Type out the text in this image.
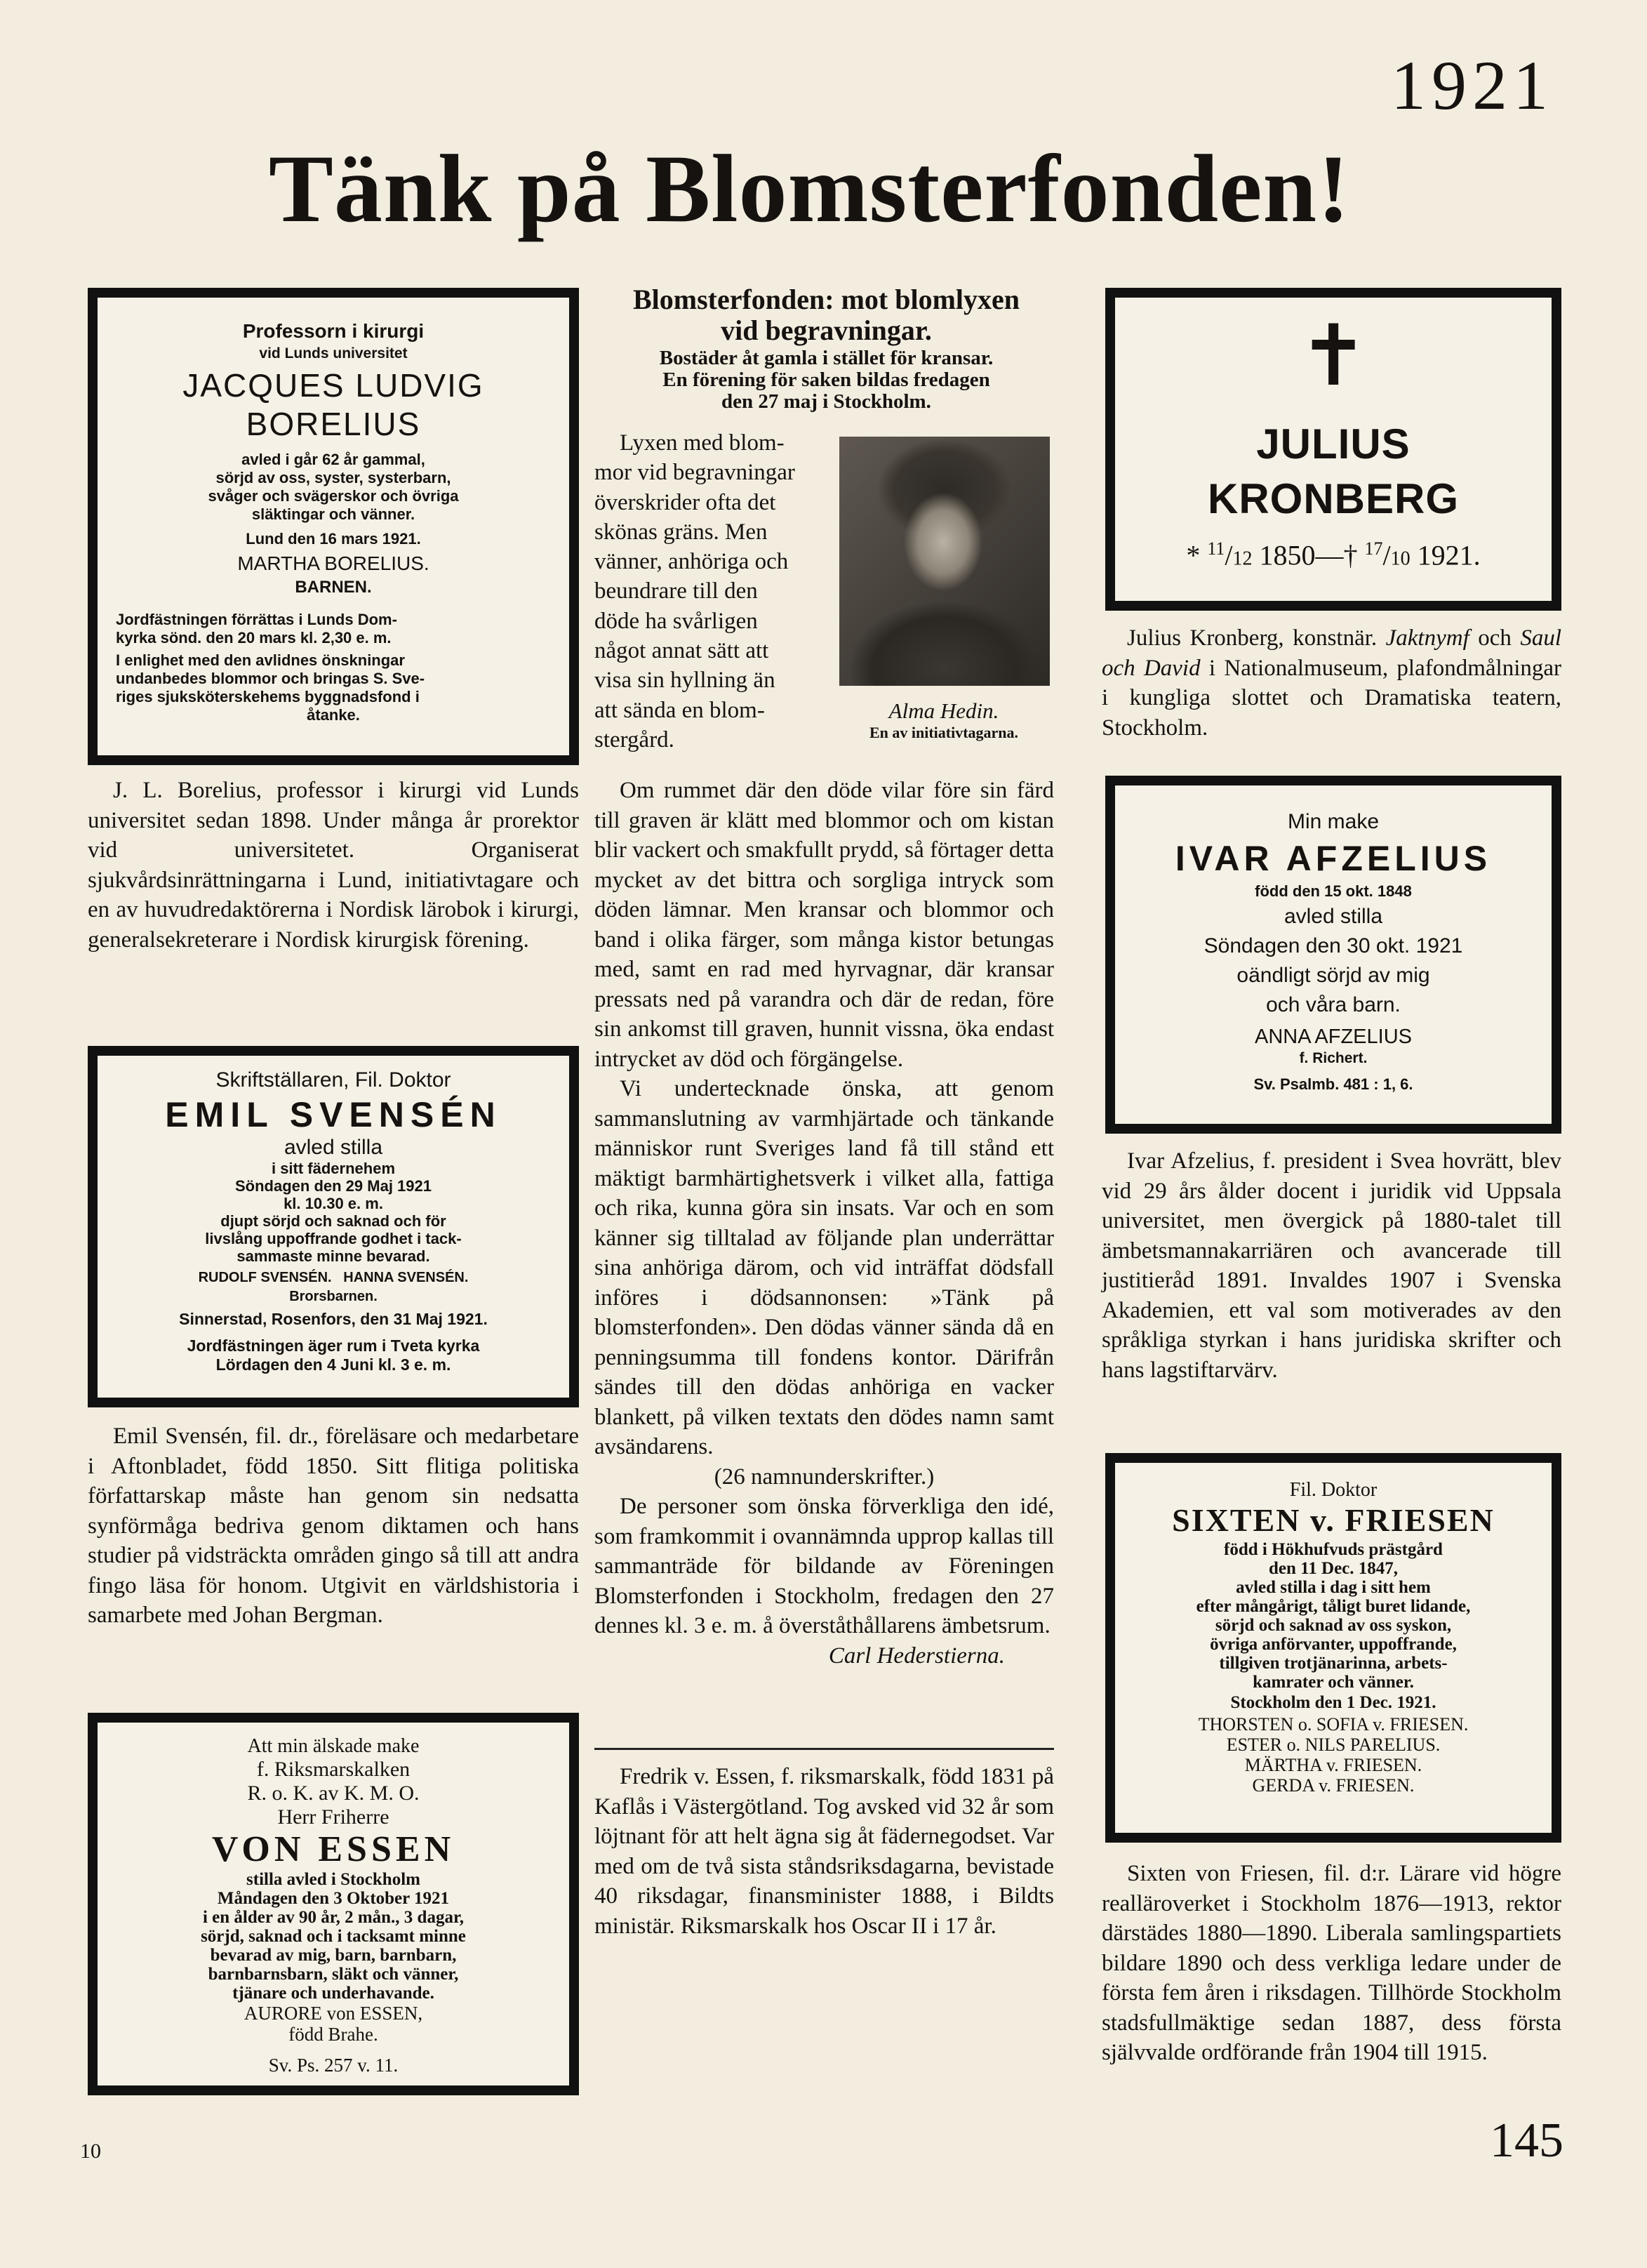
1921
Tänk på Blomsterfonden!

Professorn i kirurgi

vid Lunds universitet

JACQUES LUDVIG

BORELIUS

avled i går 62 år gammal,

sörjd av oss, syster, systerbarn,

svåger och svägerskor och övriga

släktingar och vänner.

Lund den 16 mars 1921.

MARTHA BORELIUS.

BARNEN.

Jordfästningen förrättas i Lunds Dom-

kyrka sönd. den 20 mars kl. 2,30 e. m.

I enlighet med den avlidnes önskningar

undanbedes blommor och bringas S. Sve-

riges sjuksköterskehems byggnadsfond i

åtanke.

J. L. Borelius, professor i kirurgi vid Lunds universitet sedan 1898. Under många år prorektor vid universitetet. Organiserat sjukvårdsinrättningarna i Lund, initiativtagare och en av huvudredaktörerna i Nordisk lärobok i kirurgi, generalsekreterare i Nordisk kirurgisk förening.

Skriftställaren, Fil. Doktor

EMIL SVENSÉN

avled stilla

i sitt fädernehem

Söndagen den 29 Maj 1921

kl. 10.30 e. m.

djupt sörjd och saknad och för

livslång uppoffrande godhet i tack-

sammaste minne bevarad.

RUDOLF SVENSÉN.   HANNA SVENSÉN.

Brorsbarnen.

Sinnerstad, Rosenfors, den 31 Maj 1921.

Jordfästningen äger rum i Tveta kyrka

Lördagen den 4 Juni kl. 3 e. m.

Emil Svensén, fil. dr., föreläsare och medarbetare i Aftonbladet, född 1850. Sitt flitiga politiska författarskap måste han genom sin nedsatta synförmåga bedriva genom diktamen och hans studier på vidsträckta områden gingo så till att andra fingo läsa för honom. Utgivit en världshistoria i samarbete med Johan Bergman.

Att min älskade make

f. Riksmarskalken

R. o. K. av K. M. O.

Herr Friherre

VON ESSEN

stilla avled i Stockholm

Måndagen den 3 Oktober 1921

i en ålder av 90 år, 2 mån., 3 dagar,

sörjd, saknad och i tacksamt minne

bevarad av mig, barn, barnbarn,

barnbarnsbarn, släkt och vänner,

tjänare och underhavande.

AURORE von ESSEN,

född Brahe.

Sv. Ps. 257 v. 11.

10
Blomsterfonden: mot blomlyxen
vid begravningar.
Bostäder åt gamla i stället för kransar.
En förening för saken bildas fredagen
den 27 maj i Stockholm.

Lyxen med blom-

mor vid begravningar

överskrider ofta det

skönas gräns. Men

vänner, anhöriga och

beundrare till den

döde ha svårligen

något annat sätt att

visa sin hyllning än

att sända en blom-

stergård.

Alma Hedin.
En av initiativtagarna.

Om rummet där den döde vilar före sin färd till graven är klätt med blommor och om kistan blir vackert och smakfullt prydd, så förtager detta mycket av det bittra och sorgliga intryck som döden lämnar. Men kransar och blommor och band i olika färger, som många kistor betungas med, samt en rad med hyrvagnar, där kransar pressats ned på varandra och där de redan, före sin ankomst till graven, hunnit vissna, öka endast intrycket av död och förgängelse.

Vi undertecknade önska, att genom sammanslutning av varmhjärtade och tänkande människor runt Sveriges land få till stånd ett mäktigt barmhärtighetsverk i vilket alla, fattiga och rika, kunna göra sin insats. Var och en som känner sig tilltalad av följande plan underrättar sina anhöriga därom, och vid inträffat dödsfall införes i dödsannonsen: »Tänk på blomsterfonden». Den dödas vänner sända då en penningsumma till fondens kontor. Därifrån sändes till den dödas anhöriga en vacker blankett, på vilken textats den dödes namn samt avsändarens.

(26 namnunderskrifter.)

De personer som önska förverkliga den idé, som framkommit i ovannämnda upprop kallas till sammanträde för bildande av Föreningen Blomsterfonden i Stockholm, fredagen den 27 dennes kl. 3 e. m. å överståthållarens ämbetsrum.

Carl Hederstierna.

Fredrik v. Essen, f. riksmarskalk, född 1831 på Kaflås i Västergötland. Tog avsked vid 32 år som löjtnant för att helt ägna sig åt fädernegodset. Var med om de två sista ståndsriksdagarna, bevistade 40 riksdagar, finansminister 1888, i Bildts ministär. Riksmarskalk hos Oscar II i 17 år.

✝
JULIUS KRONBERG
* $^{11}$/12 1850—† $^{17}$/10 1921.

Julius Kronberg, konstnär. Jaktnymf och Saul och David i Nationalmuseum, plafondmålningar i kungliga slottet och Dramatiska teatern, Stockholm.

Min make

IVAR AFZELIUS

född den 15 okt. 1848

avled stilla

Söndagen den 30 okt. 1921

oändligt sörjd av mig

och våra barn.

ANNA AFZELIUS

f. Richert.

Sv. Psalmb. 481 : 1, 6.

Ivar Afzelius, f. president i Svea hovrätt, blev vid 29 års ålder docent i juridik vid Uppsala universitet, men övergick på 1880-talet till ämbetsmannakarriären och avancerade till justitieråd 1891. Invaldes 1907 i Svenska Akademien, ett val som motiverades av den språkliga styrkan i hans juridiska skrifter och hans lagstiftarvärv.

Fil. Doktor

SIXTEN v. FRIESEN

född i Hökhufvuds prästgård

den 11 Dec. 1847,

avled stilla i dag i sitt hem

efter mångårigt, tåligt buret lidande,

sörjd och saknad av oss syskon,

övriga anförvanter, uppoffrande,

tillgiven trotjänarinna, arbets-

kamrater och vänner.

Stockholm den 1 Dec. 1921.

THORSTEN o. SOFIA v. FRIESEN.

ESTER o. NILS PARELIUS.

MÄRTHA v. FRIESEN.

GERDA v. FRIESEN.

Sixten von Friesen, fil. d:r. Lärare vid högre realläroverket i Stockholm 1876—1913, rektor därstädes 1880—1890. Liberala samlingspartiets bildare 1890 och dess verkliga ledare under de första fem åren i riksdagen. Tillhörde Stockholm stadsfullmäktige sedan 1887, dess första självvalde ordförande från 1904 till 1915.

145
